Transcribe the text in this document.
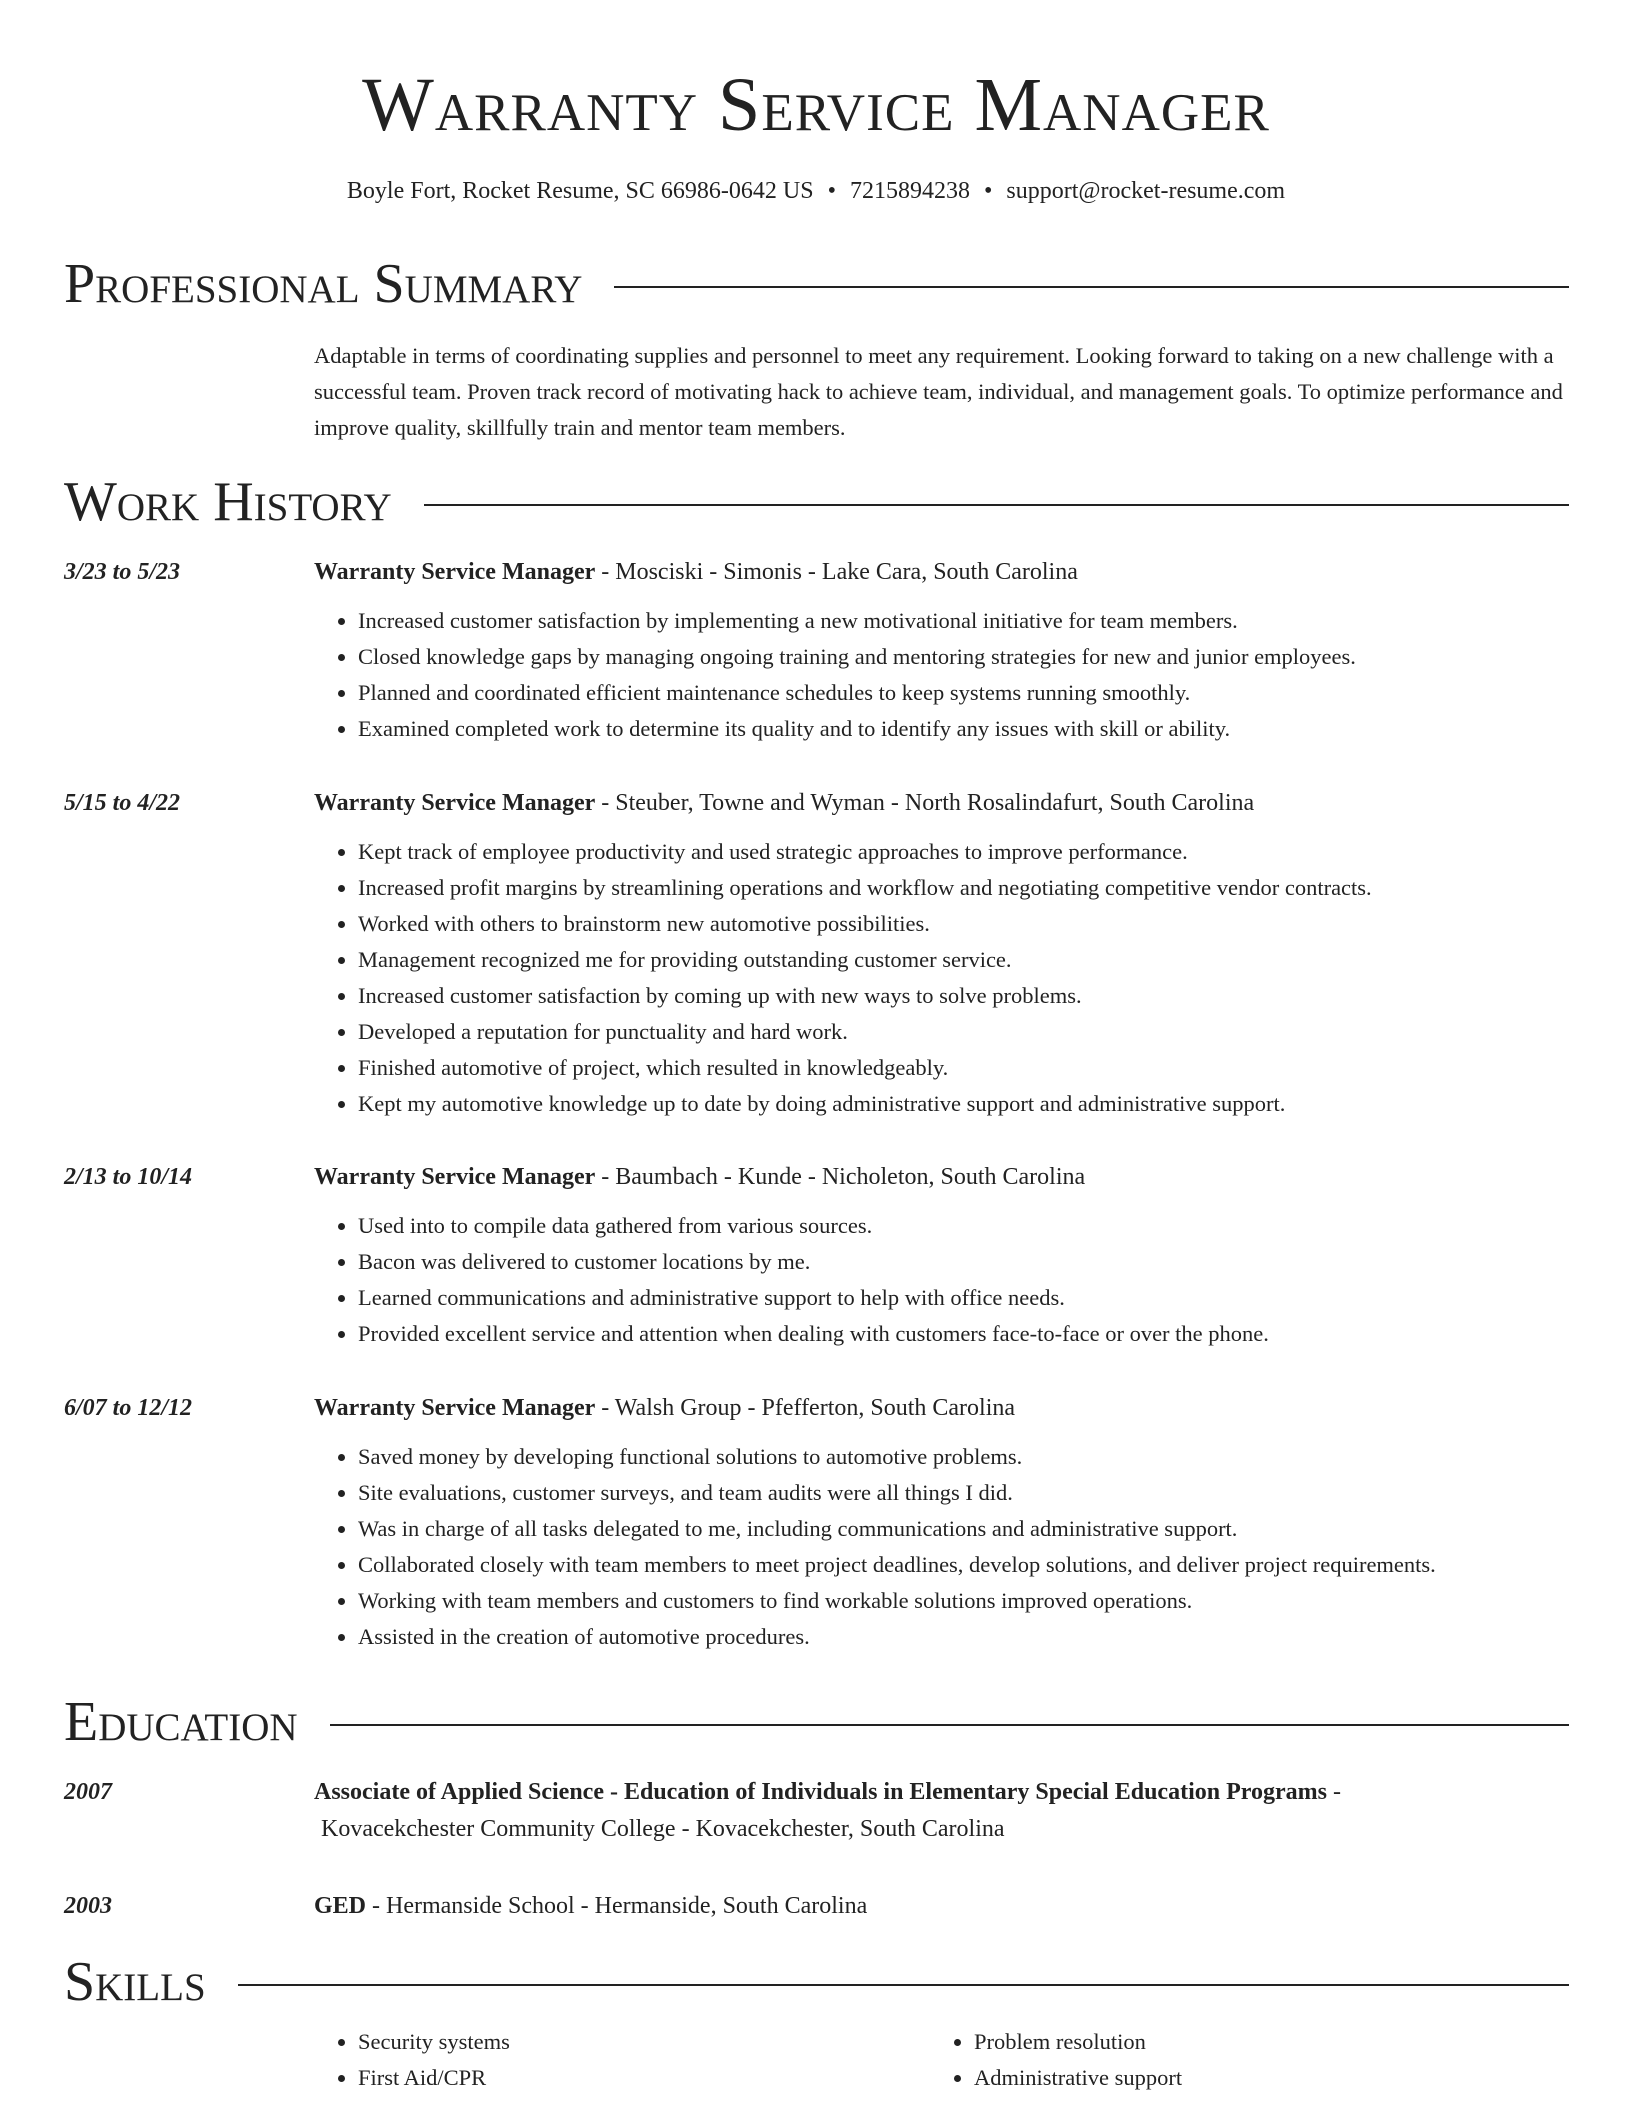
Warranty Service Manager
Boyle Fort, Rocket Resume, SC 66986-0642 US • 7215894238 • support@rocket-resume.com
Professional Summary
Adaptable in terms of coordinating supplies and personnel to meet any requirement. Looking forward to taking on a new challenge with a successful team. Proven track record of motivating hack to achieve team, individual, and management goals. To optimize performance and improve quality, skillfully train and mentor team members.
Work History
3/23 to 5/23	Warranty Service Manager - Mosciski - Simonis - Lake Cara, South Carolina
• Increased customer satisfaction by implementing a new motivational initiative for team members.
• Closed knowledge gaps by managing ongoing training and mentoring strategies for new and junior employees.
• Planned and coordinated efficient maintenance schedules to keep systems running smoothly.
• Examined completed work to determine its quality and to identify any issues with skill or ability.
5/15 to 4/22	Warranty Service Manager - Steuber, Towne and Wyman - North Rosalindafurt, South Carolina
• Kept track of employee productivity and used strategic approaches to improve performance.
• Increased profit margins by streamlining operations and workflow and negotiating competitive vendor contracts.
• Worked with others to brainstorm new automotive possibilities.
• Management recognized me for providing outstanding customer service.
• Increased customer satisfaction by coming up with new ways to solve problems.
• Developed a reputation for punctuality and hard work.
• Finished automotive of project, which resulted in knowledgeably.
• Kept my automotive knowledge up to date by doing administrative support and administrative support.
2/13 to 10/14	Warranty Service Manager - Baumbach - Kunde - Nicholeton, South Carolina
• Used into to compile data gathered from various sources.
• Bacon was delivered to customer locations by me.
• Learned communications and administrative support to help with office needs.
• Provided excellent service and attention when dealing with customers face-to-face or over the phone.
6/07 to 12/12	Warranty Service Manager - Walsh Group - Pfefferton, South Carolina
• Saved money by developing functional solutions to automotive problems.
• Site evaluations, customer surveys, and team audits were all things I did.
• Was in charge of all tasks delegated to me, including communications and administrative support.
• Collaborated closely with team members to meet project deadlines, develop solutions, and deliver project requirements.
• Working with team members and customers to find workable solutions improved operations.
• Assisted in the creation of automotive procedures.
Education
2007	Associate of Applied Science - Education of Individuals in Elementary Special Education Programs -
Kovacekchester Community College - Kovacekchester, South Carolina
2003	GED - Hermanside School - Hermanside, South Carolina
Skills
• Security systems
• First Aid/CPR
• Problem resolution
• Administrative support
